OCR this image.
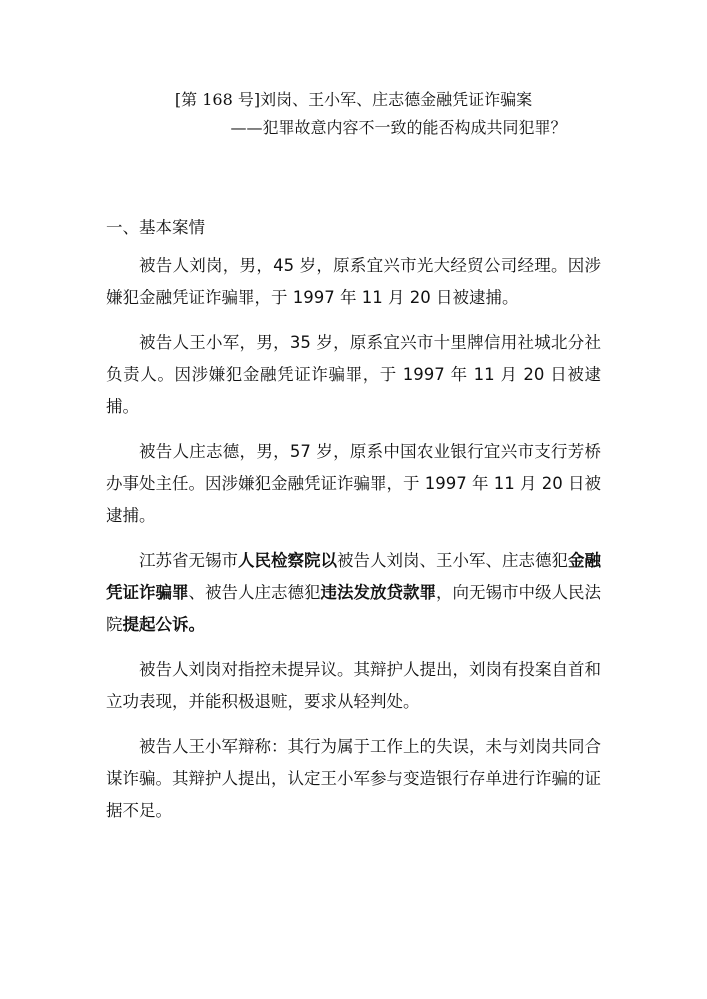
[第 168 号]刘岗、王小军、庄志德金融凭证诈骗案
——犯罪故意内容不一致的能否构成共同犯罪？
一、基本案情

被告人刘岗，男，45 岁，原系宜兴市光大经贸公司经理。因涉嫌犯金融凭证诈骗罪，于 1997 年 11 月 20 日被逮捕。

被告人王小军，男，35 岁，原系宜兴市十里牌信用社城北分社负责人。因涉嫌犯金融凭证诈骗罪，于 1997 年 11 月 20 日被逮捕。

被告人庄志德，男，57 岁，原系中国农业银行宜兴市支行芳桥办事处主任。因涉嫌犯金融凭证诈骗罪，于 1997 年 11 月 20 日被逮捕。

江苏省无锡市人民检察院以被告人刘岗、王小军、庄志德犯金融凭证诈骗罪、被告人庄志德犯违法发放贷款罪，向无锡市中级人民法院提起公诉。

被告人刘岗对指控未提异议。其辩护人提出，刘岗有投案自首和立功表现，并能积极退赃，要求从轻判处。

被告人王小军辩称：其行为属于工作上的失误，未与刘岗共同合谋诈骗。其辩护人提出，认定王小军参与变造银行存单进行诈骗的证据不足。
